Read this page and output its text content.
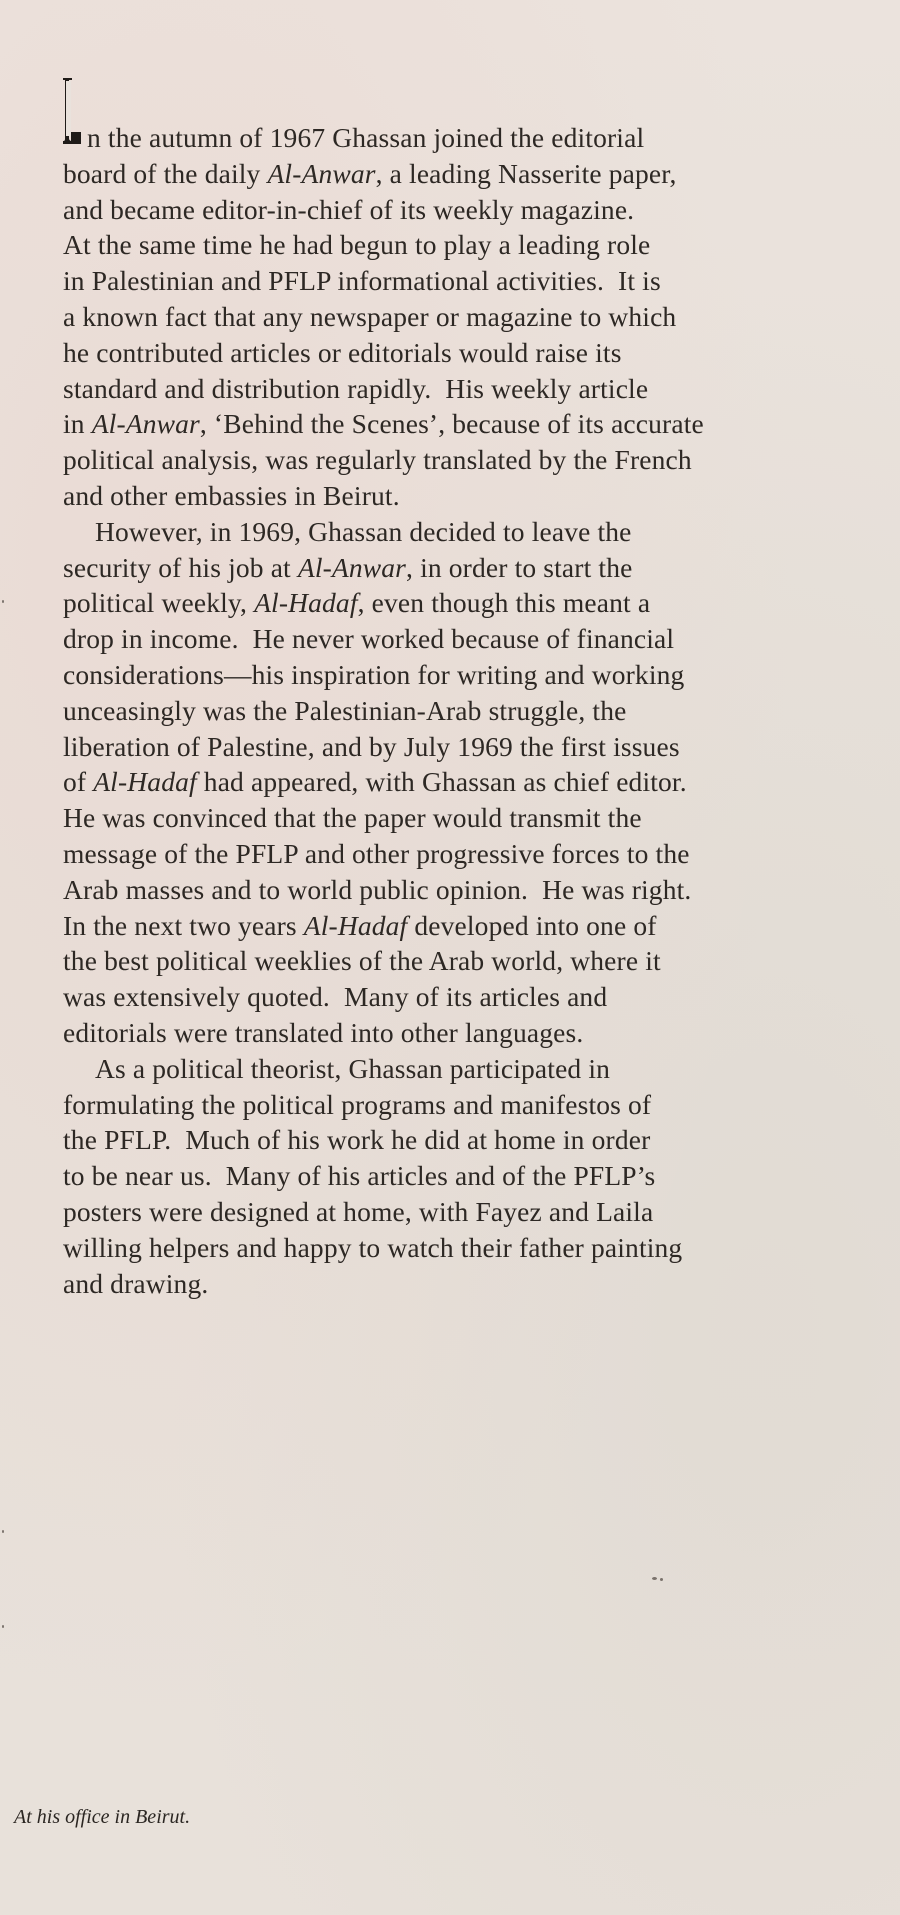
n the autumn of 1967 Ghassan joined the editorial
board of the daily Al-Anwar, a leading Nasserite paper,
and became editor-in-chief of its weekly magazine.
At the same time he had begun to play a leading role
in Palestinian and PFLP informational activities.  It is
a known fact that any newspaper or magazine to which
he contributed articles or editorials would raise its
standard and distribution rapidly.  His weekly article
in Al-Anwar, ‘Behind the Scenes’, because of its accurate
political analysis, was regularly translated by the French
and other embassies in Beirut.
However, in 1969, Ghassan decided to leave the
security of his job at Al-Anwar, in order to start the
political weekly, Al-Hadaf, even though this meant a
drop in income.  He never worked because of financial
considerations—his inspiration for writing and working
unceasingly was the Palestinian-Arab struggle, the
liberation of Palestine, and by July 1969 the first issues
of Al-Hadaf had appeared, with Ghassan as chief editor.
He was convinced that the paper would transmit the
message of the PFLP and other progressive forces to the
Arab masses and to world public opinion.  He was right.
In the next two years Al-Hadaf developed into one of
the best political weeklies of the Arab world, where it
was extensively quoted.  Many of its articles and
editorials were translated into other languages.
As a political theorist, Ghassan participated in
formulating the political programs and manifestos of
the PFLP.  Much of his work he did at home in order
to be near us.  Many of his articles and of the PFLP’s
posters were designed at home, with Fayez and Laila
willing helpers and happy to watch their father painting
and drawing.
At his office in Beirut.
